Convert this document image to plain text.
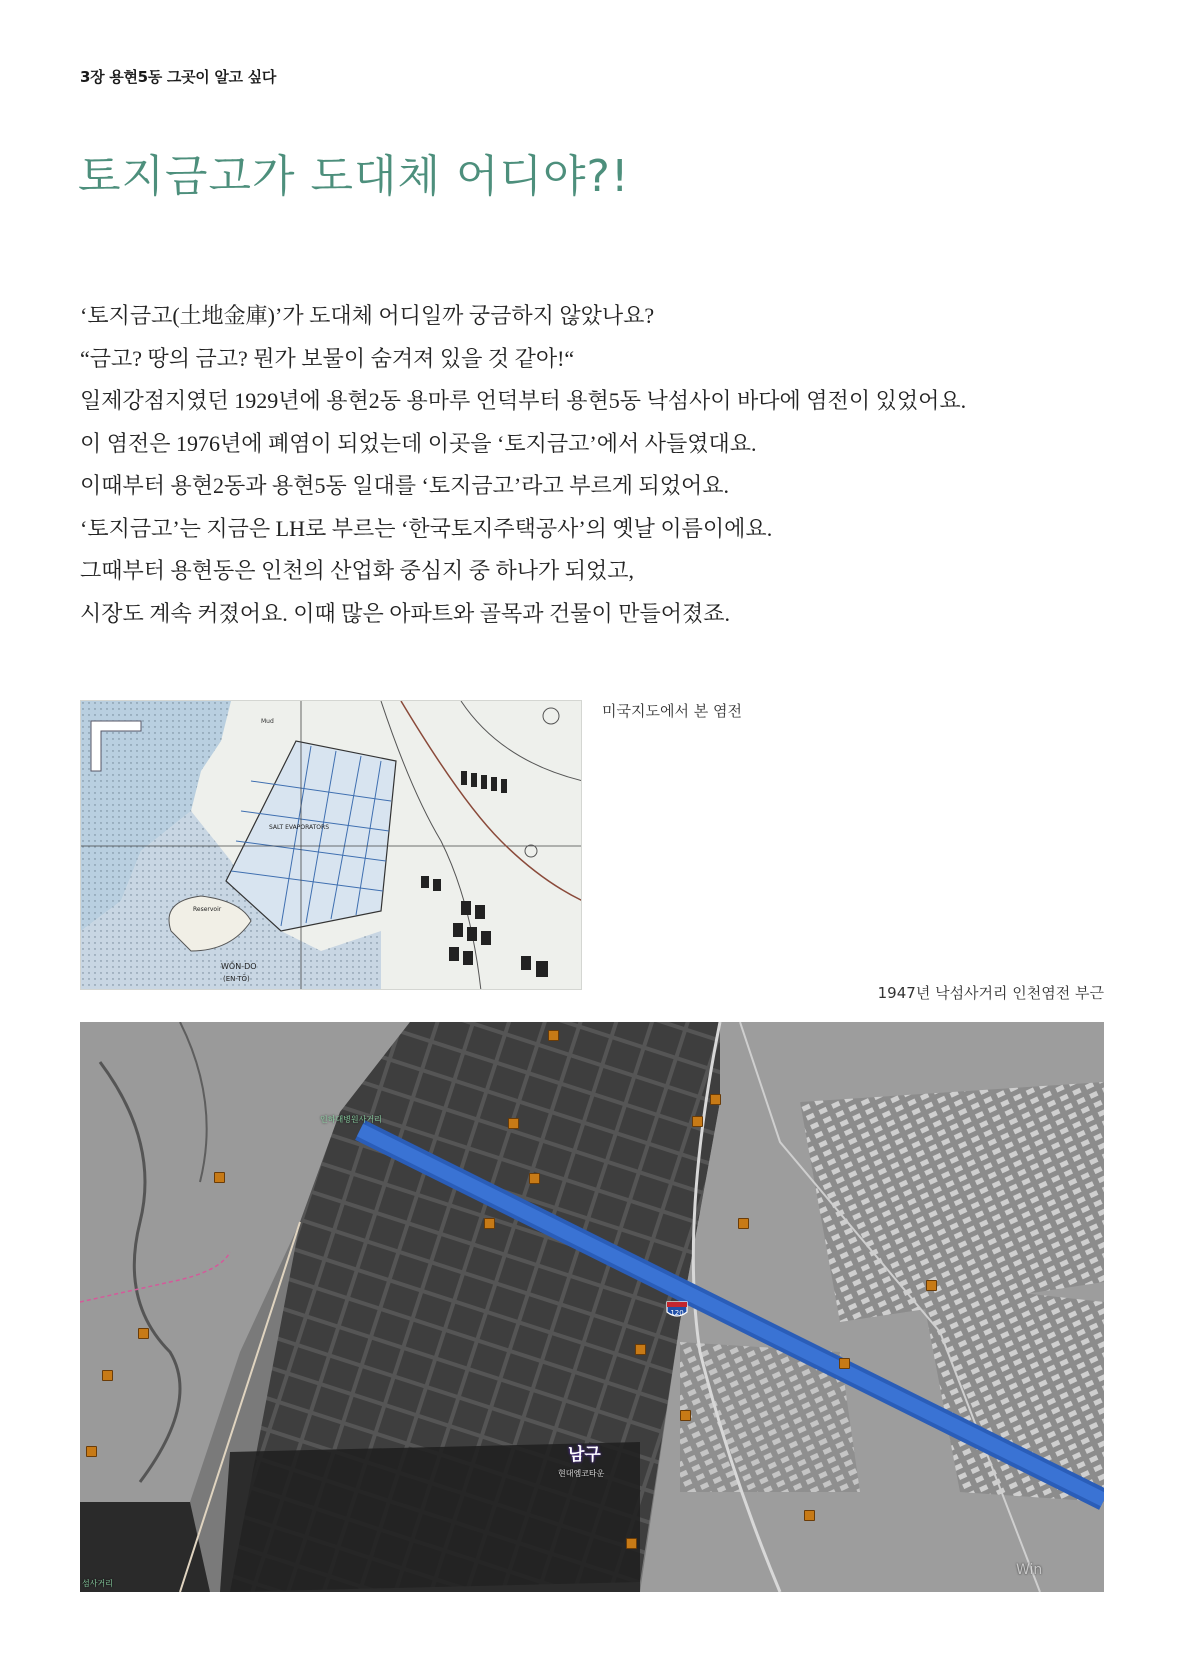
3장 용현5동 그곳이 알고 싶다
토지금고가 도대체 어디야?!

‘토지금고(土地金庫)’가 도대체 어디일까 궁금하지 않았나요?

“금고? 땅의 금고? 뭔가 보물이 숨겨져 있을 것 같아!“

일제강점지였던 1929년에 용현2동 용마루 언덕부터 용현5동 낙섬사이 바다에 염전이 있었어요.

이 염전은 1976년에 폐염이 되었는데 이곳을 ‘토지금고’에서 사들였대요.

이때부터 용현2동과 용현5동 일대를 ‘토지금고’라고 부르게 되었어요.

‘토지금고’는 지금은 LH로 부르는 ‘한국토지주택공사’의 옛날 이름이에요.

그때부터 용현동은 인천의 산업화 중심지 중 하나가 되었고,

시장도 계속 커졌어요. 이때 많은 아파트와 골목과 건물이 만들어졌죠.

Mud
SALT EVAPORATORS
Reservoir
WŎN-DO
(EN-TŌ)
미국지도에서 본 염전
1947년 낙섬사거리 인천염전 부근
인하대병원사거리
섬사거리
120
남구
현대엠코타운
Win
